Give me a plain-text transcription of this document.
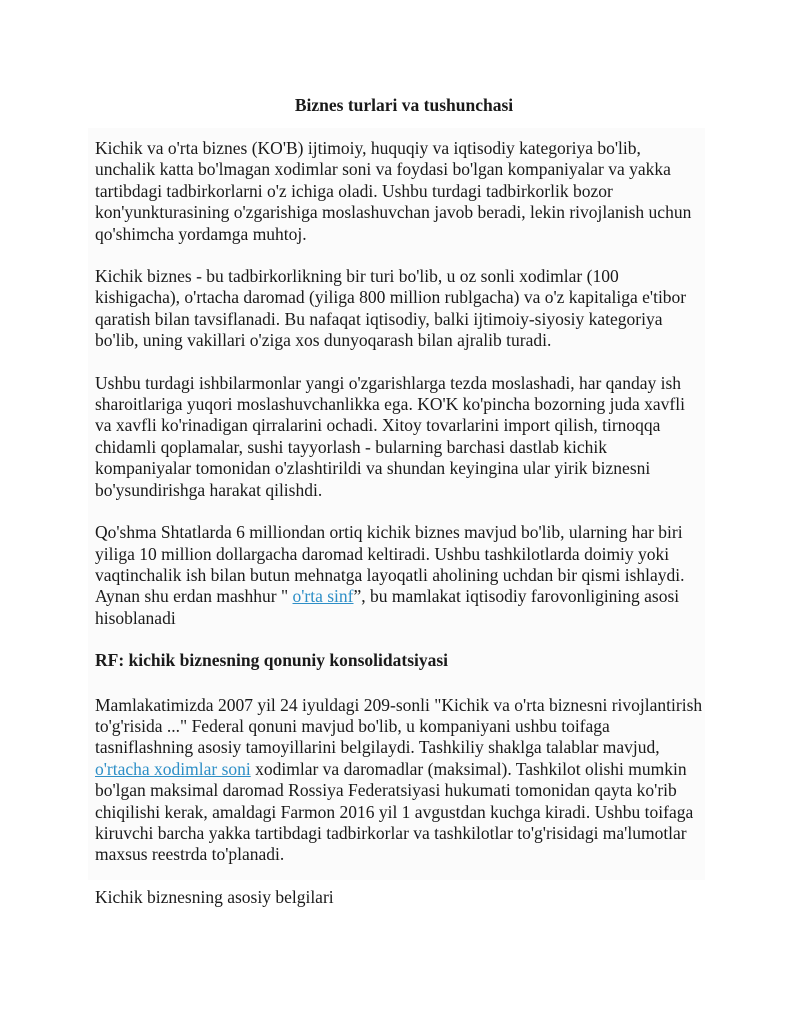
Biznes turlari va tushunchasi

Kichik va o'rta biznes (KO'B) ijtimoiy, huquqiy va iqtisodiy kategoriya bo'lib, unchalik katta bo'lmagan xodimlar soni va foydasi bo'lgan kompaniyalar va yakka tartibdagi tadbirkorlarni o'z ichiga oladi. Ushbu turdagi tadbirkorlik bozor kon'yunkturasining o'zgarishiga moslashuvchan javob beradi, lekin rivojlanish uchun qo'shimcha yordamga muhtoj.

Kichik biznes - bu tadbirkorlikning bir turi bo'lib, u oz sonli xodimlar (100 kishigacha), o'rtacha daromad (yiliga 800 million rublgacha) va o'z kapitaliga e'tibor qaratish bilan tavsiflanadi. Bu nafaqat iqtisodiy, balki ijtimoiy-siyosiy kategoriya bo'lib, uning vakillari o'ziga xos dunyoqarash bilan ajralib turadi.

Ushbu turdagi ishbilarmonlar yangi o'zgarishlarga tezda moslashadi, har qanday ish sharoitlariga yuqori moslashuvchanlikka ega. KO'K ko'pincha bozorning juda xavfli va xavfli ko'rinadigan qirralarini ochadi. Xitoy tovarlarini import qilish, tirnoqqa chidamli qoplamalar, sushi tayyorlash - bularning barchasi dastlab kichik kompaniyalar tomonidan o'zlashtirildi va shundan keyingina ular yirik biznesni bo'ysundirishga harakat qilishdi.

Qo'shma Shtatlarda 6 milliondan ortiq kichik biznes mavjud bo'lib, ularning har biri yiliga 10 million dollargacha daromad keltiradi. Ushbu tashkilotlarda doimiy yoki vaqtinchalik ish bilan butun mehnatga layoqatli aholining uchdan bir qismi ishlaydi. Aynan shu erdan mashhur " o'rta sinf”, bu mamlakat iqtisodiy farovonligining asosi hisoblanadi

RF: kichik biznesning qonuniy konsolidatsiyasi

Mamlakatimizda 2007 yil 24 iyuldagi 209-sonli "Kichik va o'rta biznesni rivojlantirish to'g'risida ..." Federal qonuni mavjud bo'lib, u kompaniyani ushbu toifaga tasniflashning asosiy tamoyillarini belgilaydi. Tashkiliy shaklga talablar mavjud, o'rtacha xodimlar soni xodimlar va daromadlar (maksimal). Tashkilot olishi mumkin bo'lgan maksimal daromad Rossiya Federatsiyasi hukumati tomonidan qayta ko'rib chiqilishi kerak, amaldagi Farmon 2016 yil 1 avgustdan kuchga kiradi. Ushbu toifaga kiruvchi barcha yakka tartibdagi tadbirkorlar va tashkilotlar to'g'risidagi ma'lumotlar maxsus reestrda to'planadi.

Kichik biznesning asosiy belgilari
